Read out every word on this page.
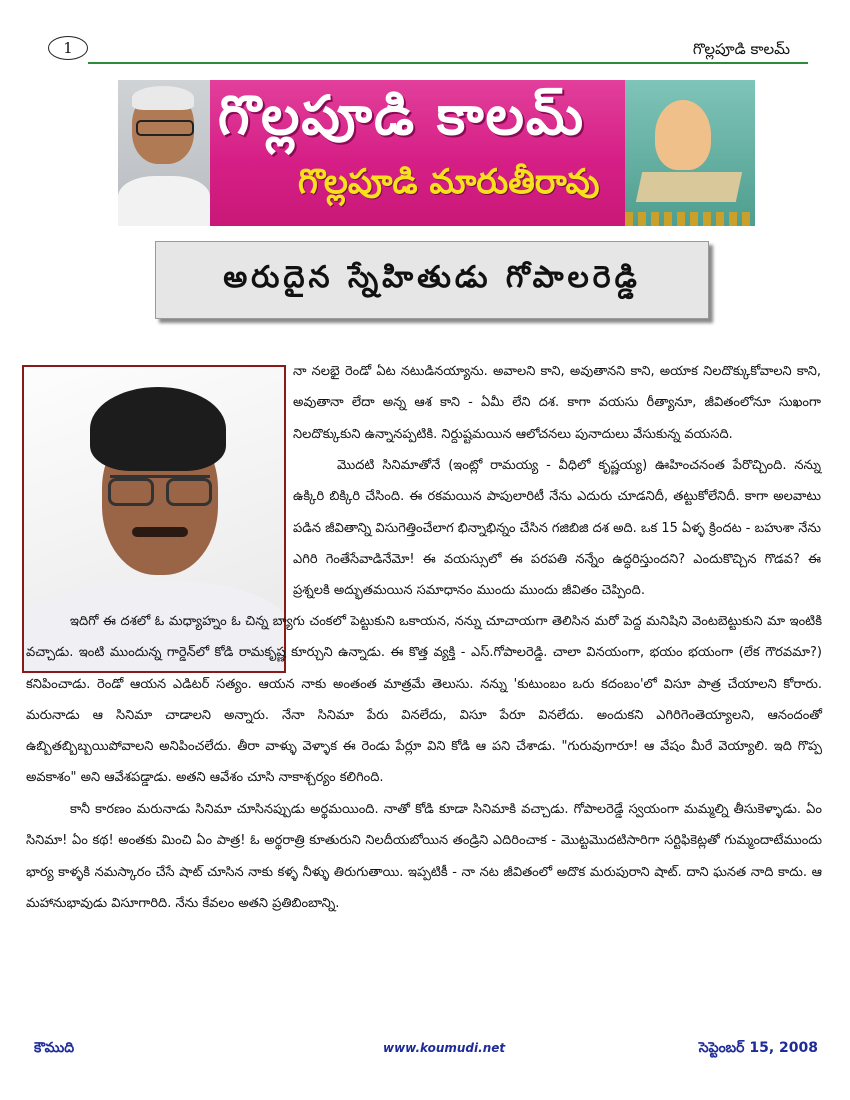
1	గొల్లపూడి కాలమ్
గొల్లపూడి కాలమ్
గొల్లపూడి మారుతీరావు
అరుదైన స్నేహితుడు గోపాలరెడ్డి
నా నలభై రెండో ఏట నటుడినయ్యాను. అవాలని కాని, అవుతానని కాని, అయాక నిలదొక్కుకోవాలని కాని, అవుతానా లేదా అన్న ఆశ కాని - ఏమీ లేని దశ. కాగా వయసు రీత్యానూ, జీవితంలోనూ సుఖంగా నిలదొక్కుకుని ఉన్నానప్పటికి. నిర్దుష్టమయిన ఆలోచనలు పునాదులు వేసుకున్న వయసది.
మొదటి సినిమాతోనే (ఇంట్లో రామయ్య - వీధిలో కృష్ణయ్య) ఊహించనంత పేరొచ్చింది. నన్ను ఉక్కిరి బిక్కిరి చేసింది. ఈ రకమయిన పాపులారిటీ నేను ఎదురు చూడనిదీ, తట్టుకోలేనిదీ. కాగా అలవాటు పడిన జీవితాన్ని విసుగెత్తించేలాగ భిన్నాభిన్నం చేసిన గజిబిజి దశ అది. ఒక 15 ఏళ్ళ క్రిందట - బహుశా నేను ఎగిరి గెంతేసేవాడినేమో! ఈ వయస్సులో ఈ పరపతి నన్నేం ఉద్ధరిస్తుందని? ఎందుకొచ్చిన గొడవ? ఈ ప్రశ్నలకి అద్భుతమయిన సమాధానం ముందు ముందు జీవితం చెప్పింది.
ఇదిగో ఈ దశలో ఓ మధ్యాహ్నం ఓ చిన్న బ్యాగు చంకలో పెట్టుకుని ఒకాయన, నన్ను చూచాయగా తెలిసిన మరో పెద్ద మనిషిని వెంటబెట్టుకుని మా ఇంటికి వచ్చాడు. ఇంటి ముందున్న గార్డెన్‌లో కోడి రామకృష్ణ కూర్చుని ఉన్నాడు. ఈ కొత్త వ్యక్తి - ఎస్.గోపాలరెడ్డి. చాలా వినయంగా, భయం భయంగా (లేక గౌరవమా?) కనిపించాడు. రెండో ఆయన ఎడిటర్ సత్యం. ఆయన నాకు అంతంత మాత్రమే తెలుసు. నన్ను 'కుటుంబం ఒరు కదంబం'లో విసూ పాత్ర చేయాలని కోరారు. మరునాడు ఆ సినిమా చాడాలని అన్నారు. నేనా సినిమా పేరు వినలేదు, విసూ పేరూ వినలేదు. అందుకని ఎగిరిగెంతెయ్యాలని, ఆనందంతో ఉబ్బితబ్బిబ్బయిపోవాలని అనిపించలేదు. తీరా వాళ్ళు వెళ్ళాక ఈ రెండు పేర్లూ విని కోడి ఆ పని చేశాడు. "గురువుగారూ! ఆ వేషం మీరే వెయ్యాలి. ఇది గొప్ప అవకాశం" అని ఆవేశపడ్డాడు. అతని ఆవేశం చూసి నాకాశ్చర్యం కలిగింది.
కానీ కారణం మరునాడు సినిమా చూసినప్పుడు అర్థమయింది. నాతో కోడి కూడా సినిమాకి వచ్చాడు. గోపాలరెడ్డే స్వయంగా మమ్మల్ని తీసుకెళ్ళాడు. ఏం సినిమా! ఏం కథ! అంతకు మించి ఏం పాత్ర! ఓ అర్థరాత్రి కూతురుని నిలదీయబోయిన తండ్రిని ఎదిరించాక - మొట్టమొదటిసారిగా సర్టిఫికెట్లతో గుమ్మందాటేముందు భార్య కాళ్ళకి నమస్కారం చేసే షాట్ చూసిన నాకు కళ్ళ నీళ్ళు తిరుగుతాయి. ఇప్పటికీ - నా నట జీవితంలో అదొక మరుపురాని షాట్. దాని ఘనత నాది కాదు. ఆ మహానుభావుడు విసూగారిది. నేను కేవలం అతని ప్రతిబింబాన్ని.
కౌముది	www.koumudi.net	సెప్టెంబర్ 15, 2008
